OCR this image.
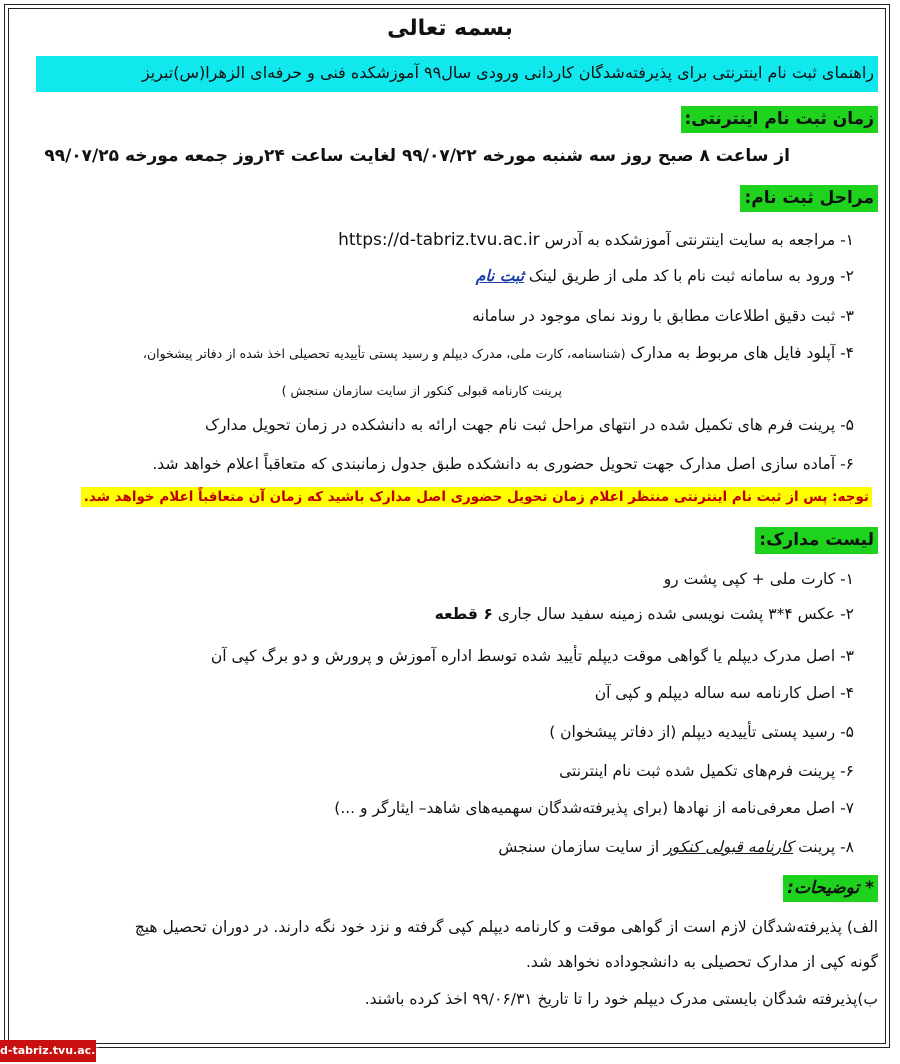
بسمه تعالی
راهنمای ثبت نام اینترنتی برای پذیرفته‌شدگان کاردانی ورودی سال۹۹ آموزشکده فنی و حرفه‌ای الزهرا(س)تبریز
زمان ثبت نام اینترنتی:
از ساعت ۸ صبح روز سه شنبه مورخه ۹۹/۰۷/۲۲ لغایت ساعت ۲۴روز جمعه مورخه ۹۹/۰۷/۲۵
مراحل ثبت نام:
۱- مراجعه به سایت اینترنتی آموزشکده به آدرس https://d-tabriz.tvu.ac.ir
۲- ورود به سامانه ثبت نام با کد ملی از طریق لینک ثبت نام
۳- ثبت دقیق اطلاعات مطابق با روند نمای موجود در سامانه
۴- آپلود فایل های مربوط به مدارک (شناسنامه، کارت ملی، مدرک دیپلم و رسید پستی تأییدیه تحصیلی اخذ شده از دفاتر پیشخوان،
پرینت کارنامه قبولی کنکور از سایت سازمان سنجش )
۵- پرینت فرم های تکمیل شده در انتهای مراحل ثبت نام جهت ارائه به دانشکده در زمان تحویل مدارک
۶- آماده سازی اصل مدارک جهت تحویل حضوری به دانشکده طبق جدول زمانبندی که متعاقباً اعلام خواهد شد.
توجه: پس از ثبت نام اینترنتی منتظر اعلام زمان تحویل حضوری اصل مدارک باشید که زمان آن متعاقباً اعلام خواهد شد.
لیست مدارک:
۱- کارت ملی + کپی پشت رو
۲- عکس ۴*۳ پشت نویسی شده زمینه سفید سال جاری ۶ قطعه
۳- اصل مدرک دیپلم یا گواهی موقت دیپلم تأیید شده توسط اداره آموزش و پرورش و دو برگ کپی آن
۴- اصل کارنامه سه ساله دیپلم و کپی آن
۵- رسید پستی تأییدیه دیپلم (از دفاتر پیشخوان )
۶- پرینت فرم‌های تکمیل شده ثبت نام اینترنتی
۷- اصل معرفی‌نامه از نهادها (برای پذیرفته‌شدگان سهمیه‌های شاهد– ایثارگر و ...)
۸- پرینت کارنامه قبولی کنکور از سایت سازمان سنجش
* توضیحات:
الف) پذیرفته‌شدگان لازم است از گواهی موقت و کارنامه دیپلم کپی گرفته و نزد خود نگه دارند. در دوران تحصیل هیچ
گونه کپی از مدارک تحصیلی به دانشجوداده نخواهد شد.
ب)پذیرفته شدگان بایستی مدرک دیپلم خود را تا تاریخ ۹۹/۰۶/۳۱ اخذ کرده باشند.
d-tabriz.tvu.ac.ir
